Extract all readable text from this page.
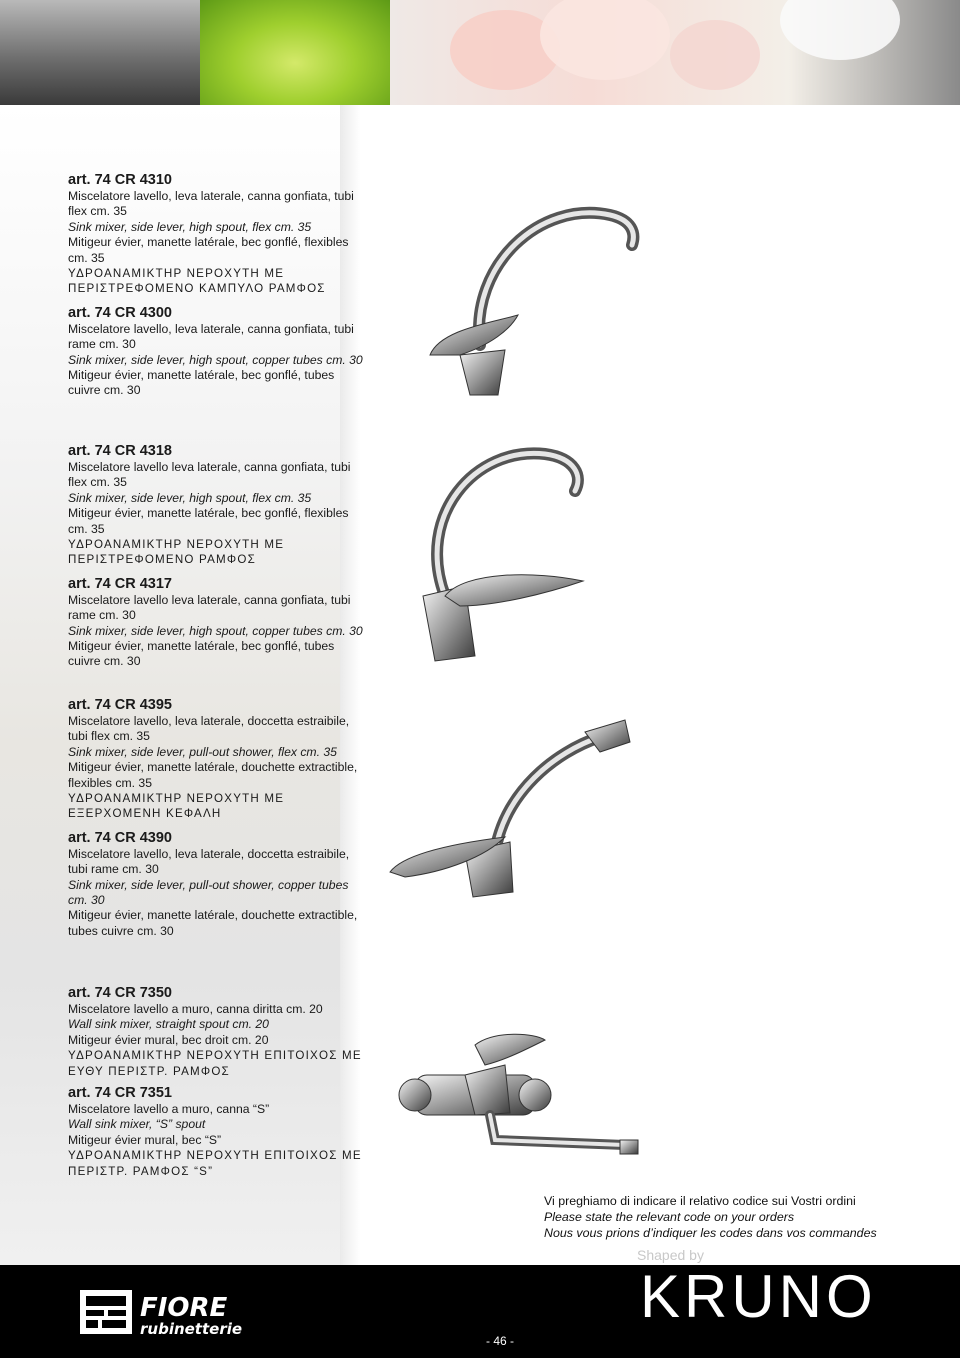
art. 74 CR 4310
Miscelatore lavello, leva laterale, canna gonfiata, tubi flex cm. 35
Sink mixer, side lever, high spout, flex cm. 35
Mitigeur évier, manette latérale, bec gonflé, flexibles cm. 35
ΥΔΡΟΑΝΑΜΙΚΤΗΡ ΝΕΡΟΧΥΤΗ ΜΕ ΠΕΡΙΣΤΡΕΦΟΜΕΝΟ ΚΑΜΠΥΛΟ ΡΑΜΦΟΣ
art. 74 CR 4300
Miscelatore lavello, leva laterale, canna gonfiata, tubi rame cm. 30
Sink mixer, side lever, high spout, copper tubes cm. 30
Mitigeur évier, manette latérale, bec gonflé, tubes cuivre cm. 30
art. 74 CR 4318
Miscelatore lavello leva laterale, canna gonfiata, tubi flex cm. 35
Sink mixer, side lever, high spout, flex cm. 35
Mitigeur évier, manette latérale, bec gonflé, flexibles cm. 35
ΥΔΡΟΑΝΑΜΙΚΤΗΡ ΝΕΡΟΧΥΤΗ ΜΕ ΠΕΡΙΣΤΡΕΦΟΜΕΝΟ ΡΑΜΦΟΣ
art. 74 CR 4317
Miscelatore lavello leva laterale, canna gonfiata, tubi rame cm. 30
Sink mixer, side lever, high spout, copper tubes cm. 30
Mitigeur évier, manette latérale, bec gonflé, tubes cuivre cm. 30
art. 74 CR 4395
Miscelatore lavello, leva laterale, doccetta estraibile, tubi flex cm. 35
Sink mixer, side lever, pull-out shower, flex cm. 35
Mitigeur évier, manette latérale, douchette extractible, flexibles cm. 35
ΥΔΡΟΑΝΑΜΙΚΤΗΡ ΝΕΡΟΧΥΤΗ ΜΕ ΕΞΕΡΧΟΜΕΝΗ ΚΕΦΑΛΗ
art. 74 CR 4390
Miscelatore lavello, leva laterale, doccetta estraibile, tubi rame cm. 30
Sink mixer, side lever, pull-out shower, copper tubes cm. 30
Mitigeur évier, manette latérale, douchette extractible, tubes cuivre cm. 30
art. 74 CR 7350
Miscelatore lavello a muro, canna diritta cm. 20
Wall sink mixer, straight spout cm. 20
Mitigeur évier mural, bec droit cm. 20
ΥΔΡΟΑΝΑΜΙΚΤΗΡ ΝΕΡΟΧΥΤΗ ΕΠΙΤΟΙΧΟΣ ΜΕ ΕΥΘΥ ΠΕΡΙΣΤΡ. ΡΑΜΦΟΣ
art. 74 CR 7351
Miscelatore lavello a muro, canna “S”
Wall sink mixer, “S” spout
Mitigeur évier mural, bec “S”
ΥΔΡΟΑΝΑΜΙΚΤΗΡ ΝΕΡΟΧΥΤΗ ΕΠΙΤΟΙΧΟΣ ΜΕ ΠΕΡΙΣΤΡ. ΡΑΜΦΟΣ “S”
Vi preghiamo di indicare il relativo codice sui Vostri ordini
Please state the relevant code on your orders
Nous vous prions d’indiquer les codes dans vos commandes
Shaped by
FIORE
rubinetterie
- 46 -
KRUNO
